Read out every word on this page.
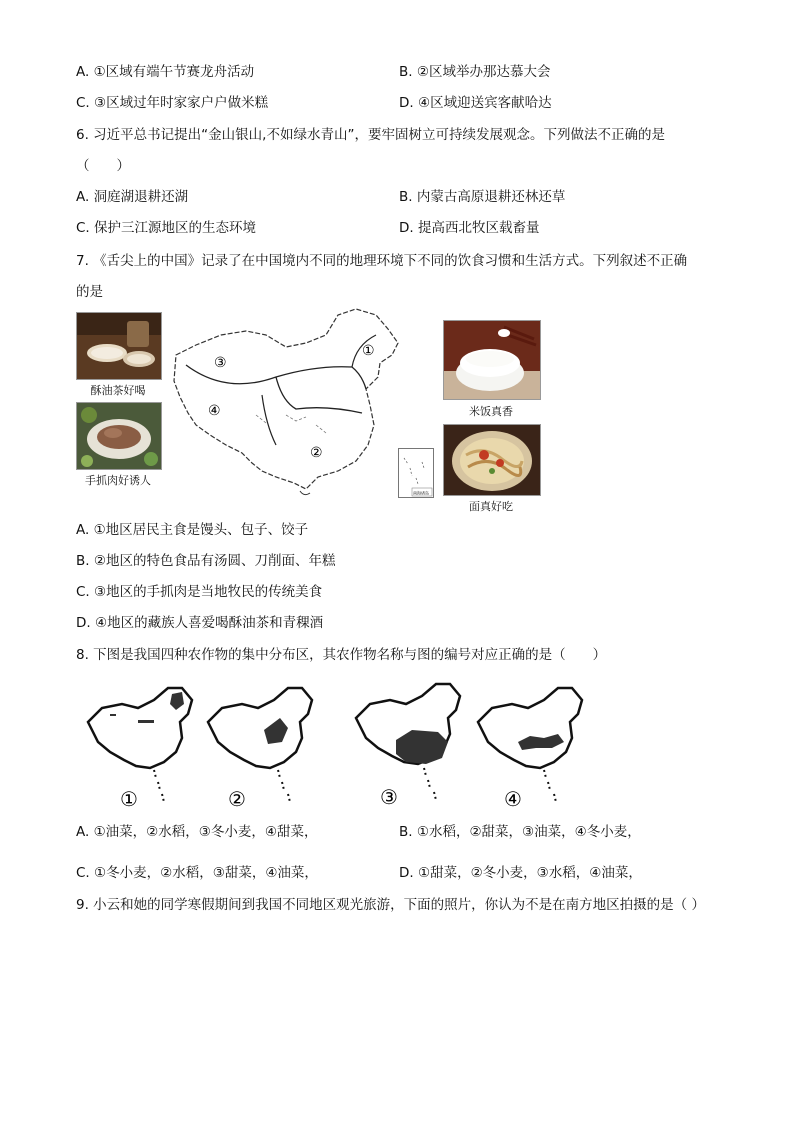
A. ①区域有端午节赛龙舟活动	B. ②区域举办那达慕大会
C. ③区域过年时家家户户做米糕	D. ④区域迎送宾客献哈达
6. 习近平总书记提出“金山银山,不如绿水青山”，要牢固树立可持续发展观念。下列做法不正确的是
（　　）
A. 洞庭湖退耕还湖	B. 内蒙古高原退耕还林还草
C. 保护三江源地区的生态环境	D. 提高西北牧区载畜量
7. 《舌尖上的中国》记录了在中国境内不同的地理环境下不同的饮食习惯和生活方式。下列叙述不正确
的是
酥油茶好喝
手抓肉好诱人
米饭真香
面真好吃
①
②
③
④
南海诸岛
A. ①地区居民主食是馒头、包子、饺子
B. ②地区的特色食品有汤圆、刀削面、年糕
C. ③地区的手抓肉是当地牧民的传统美食
D. ④地区的藏族人喜爱喝酥油茶和青稞酒
8. 下图是我国四种农作物的集中分布区，其农作物名称与图的编号对应正确的是（　　）
①	②	③	④
A. ①油菜，②水稻，③冬小麦，④甜菜，	B. ①水稻，②甜菜，③油菜，④冬小麦，
C. ①冬小麦，②水稻，③甜菜，④油菜，	D. ①甜菜，②冬小麦，③水稻，④油菜，
9. 小云和她的同学寒假期间到我国不同地区观光旅游，下面的照片，你认为不是在南方地区拍摄的是（ ）
